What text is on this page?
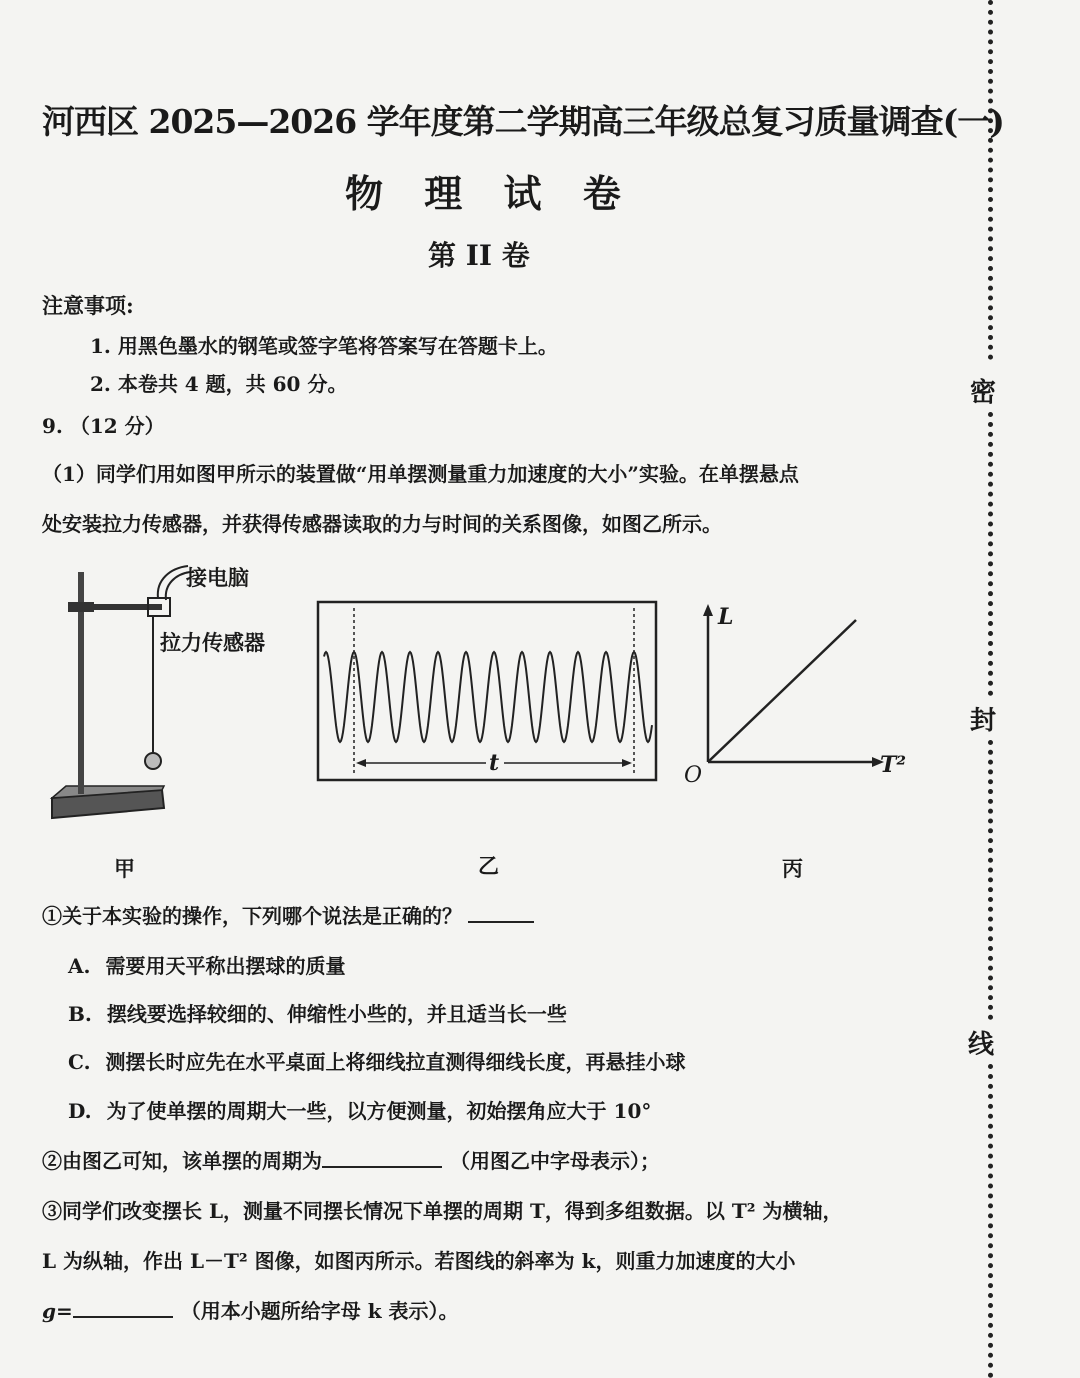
河西区 2025—2026 学年度第二学期高三年级总复习质量调查(一)
物 理 试 卷
第 II 卷
注意事项:
1. 用黑色墨水的钢笔或签字笔将答案写在答题卡上。
2. 本卷共 4 题，共 60 分。
9. （12 分）
（1）同学们用如图甲所示的装置做“用单摆测量重力加速度的大小”实验。在单摆悬点
处安装拉力传感器，并获得传感器读取的力与时间的关系图像，如图乙所示。
接电脑
拉力传感器
t
L
T²
O
甲	乙	丙
①关于本实验的操作，下列哪个说法是正确的？
A. 需要用天平称出摆球的质量
B. 摆线要选择较细的、伸缩性小些的，并且适当长一些
C. 测摆长时应先在水平桌面上将细线拉直测得细线长度，再悬挂小球
D. 为了使单摆的周期大一些，以方便测量，初始摆角应大于 10°
②由图乙可知，该单摆的周期为	（用图乙中字母表示）；
③同学们改变摆长 L，测量不同摆长情况下单摆的周期 T，得到多组数据。以 T² 为横轴，
L 为纵轴，作出 L－T² 图像，如图丙所示。若图线的斜率为 k，则重力加速度的大小
g=	（用本小题所给字母 k 表示）。
密
封
线
